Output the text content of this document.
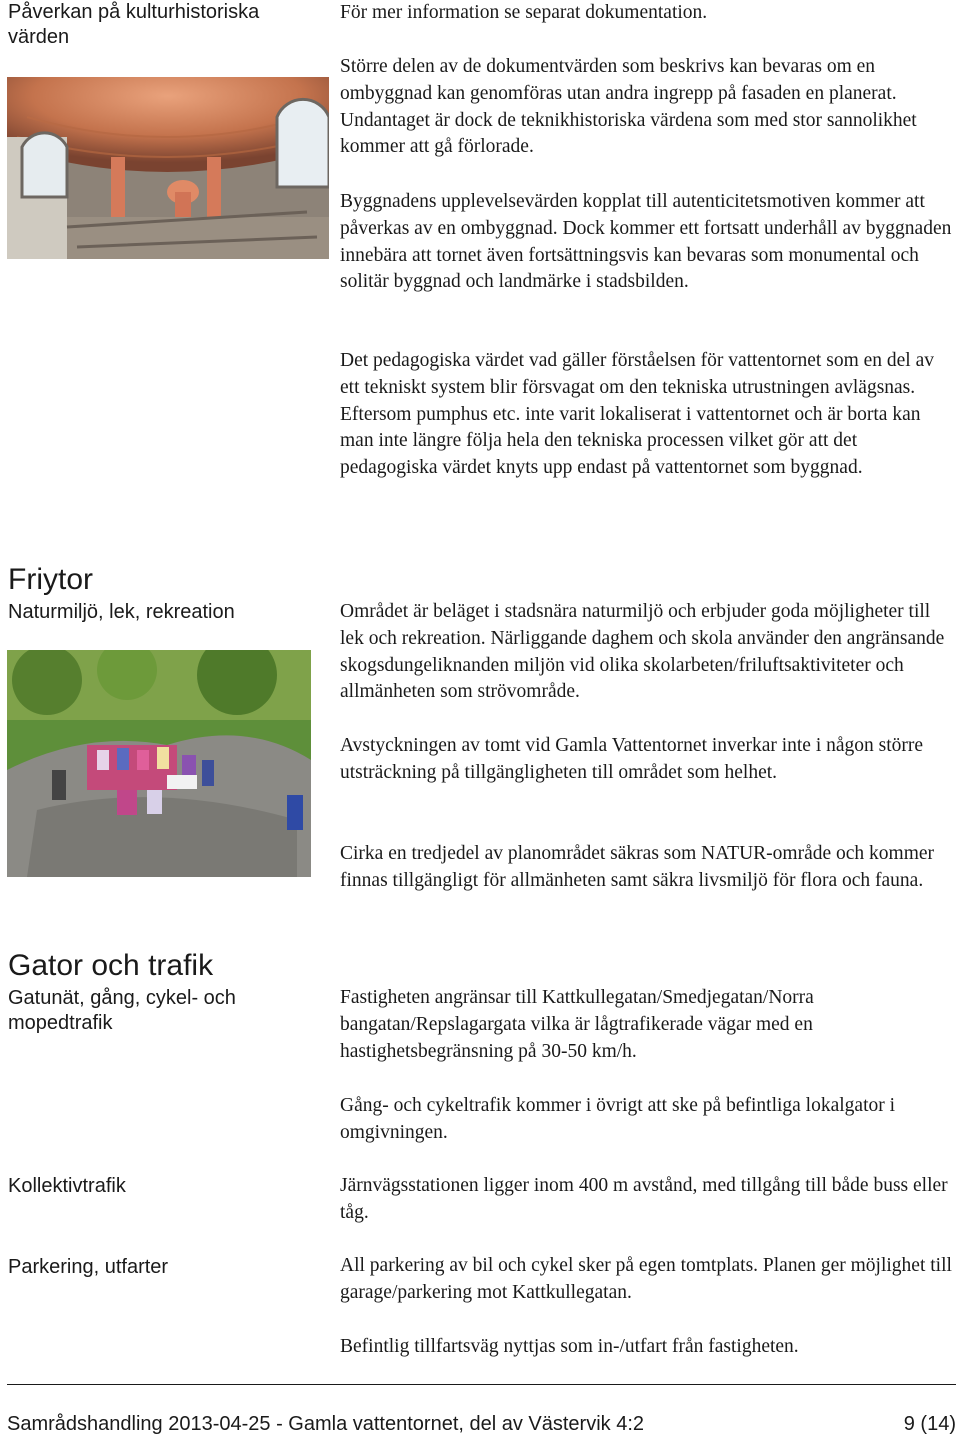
Påverkan på kulturhistoriska värden

För mer information se separat dokumentation.

Större delen av de dokumentvärden som beskrivs kan bevaras om en ombyggnad kan genomföras utan andra ingrepp på fasaden en planerat. Undantaget är dock de teknikhistoriska värdena som med stor sannolikhet kommer att gå förlorade.

Byggnadens upplevelsevärden kopplat till autenticitetsmotiven kommer att påverkas av en ombyggnad. Dock kommer ett fortsatt underhåll av byggnaden innebära att tornet även fortsättningsvis kan bevaras som monumental och solitär byggnad och landmärke i stadsbilden.

Det pedagogiska värdet vad gäller förståelsen för vattentornet som en del av ett tekniskt system blir försvagat om den tekniska utrustningen avlägsnas. Eftersom pumphus etc. inte varit lokaliserat i vattentornet och är borta kan man inte längre följa hela den tekniska processen vilket gör att det pedagogiska värdet knyts upp endast på vattentornet som byggnad.

Friytor
Naturmiljö, lek, rekreation	Området är beläget i stadsnära naturmiljö och erbjuder goda möjligheter till lek och rekreation. Närliggande daghem och skola använder den angränsande skogsdungeliknanden miljön vid olika skolarbeten/friluftsaktiviteter och allmänheten som strövområde.

Avstyckningen av tomt vid Gamla Vattentornet inverkar inte i någon större utsträckning på tillgängligheten till området som helhet.

Cirka en tredjedel av planområdet säkras som NATUR-område och kommer finnas tillgängligt för allmänheten samt säkra livsmiljö för flora och fauna.

Gator och trafik
Gatunät, gång, cykel- och mopedtrafik

Fastigheten angränsar till Kattkullegatan/Smedjegatan/Norra bangatan/Repslagargata vilka är lågtrafikerade vägar med en hastighetsbegränsning på 30-50 km/h.

Gång- och cykeltrafik kommer i övrigt att ske på befintliga lokalgator i omgivningen.

Kollektivtrafik	Järnvägsstationen ligger inom 400 m avstånd, med tillgång till både buss eller tåg.

Parkering, utfarter	All parkering av bil och cykel sker på egen tomtplats. Planen ger möjlighet till garage/parkering mot Kattkullegatan.

Befintlig tillfartsväg nyttjas som in-/utfart från fastigheten.

Samrådshandling 2013-04-25 - Gamla vattentornet, del av Västervik 4:2	9 (14)
